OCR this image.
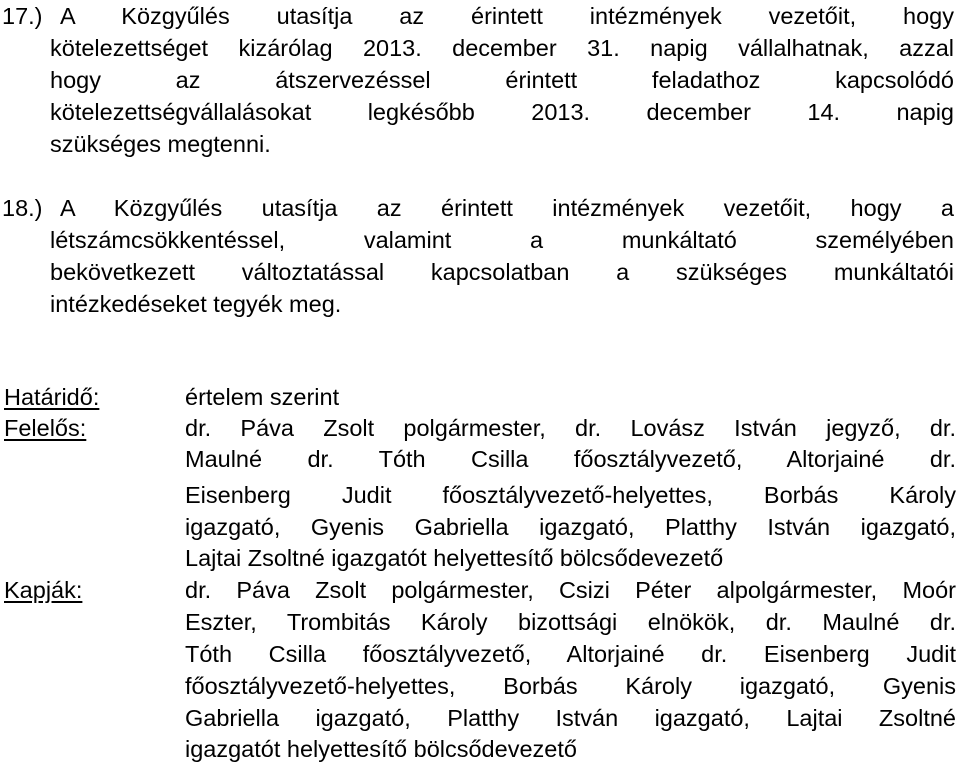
17.) A Közgyűlés utasítja az érintett intézmények vezetőit, hogy
kötelezettséget kizárólag 2013. december 31. napig vállalhatnak, azzal
hogy az átszervezéssel érintett feladathoz kapcsolódó
kötelezettségvállalásokat legkésőbb 2013. december 14. napig
szükséges megtenni.
18.) A Közgyűlés utasítja az érintett intézmények vezetőit, hogy a
létszámcsökkentéssel, valamint a munkáltató személyében
bekövetkezett változtatással kapcsolatban a szükséges munkáltatói
intézkedéseket tegyék meg.
Határidő:	értelem szerint
Felelős:	dr. Páva Zsolt polgármester, dr. Lovász István jegyző, dr.
Maulné dr. Tóth Csilla főosztályvezető, Altorjainé dr.
Eisenberg Judit főosztályvezető-helyettes, Borbás Károly
igazgató, Gyenis Gabriella igazgató, Platthy István igazgató,
Lajtai Zsoltné igazgatót helyettesítő bölcsődevezető
Kapják:	dr. Páva Zsolt polgármester, Csizi Péter alpolgármester, Moór
Eszter, Trombitás Károly bizottsági elnökök, dr. Maulné dr.
Tóth Csilla főosztályvezető, Altorjainé dr. Eisenberg Judit
főosztályvezető-helyettes, Borbás Károly igazgató, Gyenis
Gabriella igazgató, Platthy István igazgató, Lajtai Zsoltné
igazgatót helyettesítő bölcsődevezető
